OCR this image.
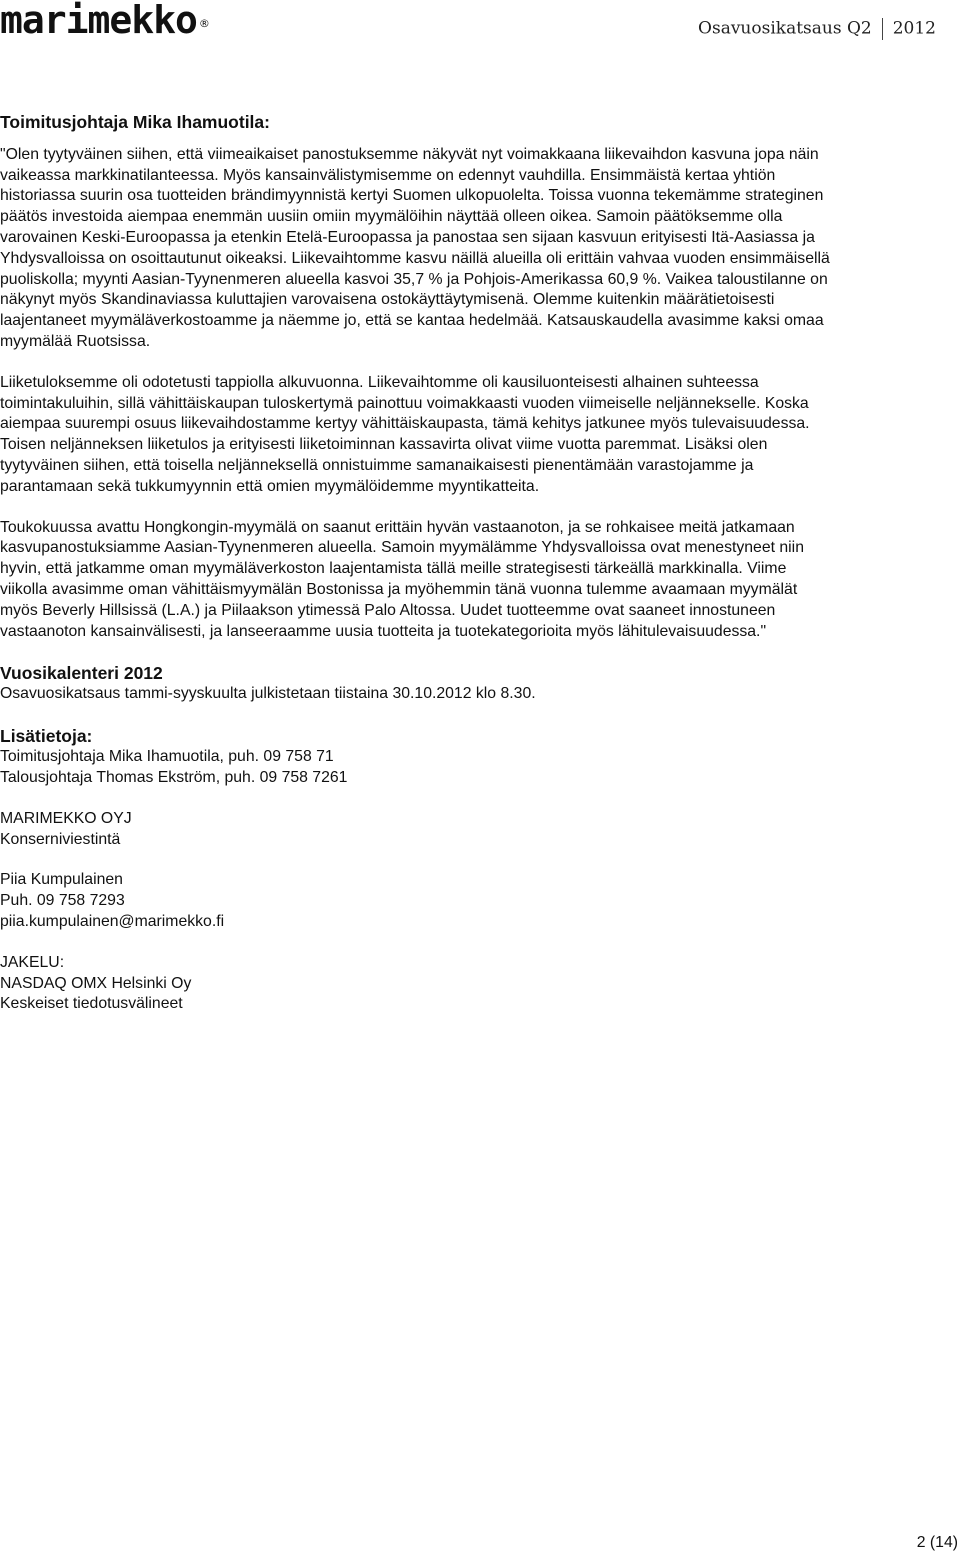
marimekko ®	Osavuosikatsaus Q2 2012

Toimitusjohtaja Mika Ihamuotila:

"Olen tyytyväinen siihen, että viimeaikaiset panostuksemme näkyvät nyt voimakkaana liikevaihdon kasvuna jopa näin

vaikeassa markkinatilanteessa. Myös kansainvälistymisemme on edennyt vauhdilla. Ensimmäistä kertaa yhtiön

historiassa suurin osa tuotteiden brändimyynnistä kertyi Suomen ulkopuolelta. Toissa vuonna tekemämme strateginen

päätös investoida aiempaa enemmän uusiin omiin myymälöihin näyttää olleen oikea. Samoin päätöksemme olla

varovainen Keski-Euroopassa ja etenkin Etelä-Euroopassa ja panostaa sen sijaan kasvuun erityisesti Itä-Aasiassa ja

Yhdysvalloissa on osoittautunut oikeaksi. Liikevaihtomme kasvu näillä alueilla oli erittäin vahvaa vuoden ensimmäisellä

puoliskolla; myynti Aasian-Tyynenmeren alueella kasvoi 35,7 % ja Pohjois-Amerikassa 60,9 %. Vaikea taloustilanne on

näkynyt myös Skandinaviassa kuluttajien varovaisena ostokäyttäytymisenä. Olemme kuitenkin määrätietoisesti

laajentaneet myymäläverkostoamme ja näemme jo, että se kantaa hedelmää. Katsauskaudella avasimme kaksi omaa

myymälää Ruotsissa.

Liiketuloksemme oli odotetusti tappiolla alkuvuonna. Liikevaihtomme oli kausiluonteisesti alhainen suhteessa

toimintakuluihin, sillä vähittäiskaupan tuloskertymä painottuu voimakkaasti vuoden viimeiselle neljännekselle. Koska

aiempaa suurempi osuus liikevaihdostamme kertyy vähittäiskaupasta, tämä kehitys jatkunee myös tulevaisuudessa.

Toisen neljänneksen liiketulos ja erityisesti liiketoiminnan kassavirta olivat viime vuotta paremmat. Lisäksi olen

tyytyväinen siihen, että toisella neljänneksellä onnistuimme samanaikaisesti pienentämään varastojamme ja

parantamaan sekä tukkumyynnin että omien myymälöidemme myyntikatteita.

Toukokuussa avattu Hongkongin-myymälä on saanut erittäin hyvän vastaanoton, ja se rohkaisee meitä jatkamaan

kasvupanostuksiamme Aasian-Tyynenmeren alueella. Samoin myymälämme Yhdysvalloissa ovat menestyneet niin

hyvin, että jatkamme oman myymäläverkoston laajentamista tällä meille strategisesti tärkeällä markkinalla. Viime

viikolla avasimme oman vähittäismyymälän Bostonissa ja myöhemmin tänä vuonna tulemme avaamaan myymälät

myös Beverly Hillsissä (L.A.) ja Piilaakson ytimessä Palo Altossa. Uudet tuotteemme ovat saaneet innostuneen

vastaanoton kansainvälisesti, ja lanseeraamme uusia tuotteita ja tuotekategorioita myös lähitulevaisuudessa."

Vuosikalenteri 2012

Osavuosikatsaus tammi-syyskuulta julkistetaan tiistaina 30.10.2012 klo 8.30.

Lisätietoja:

Toimitusjohtaja Mika Ihamuotila, puh. 09 758 71

Talousjohtaja Thomas Ekström, puh. 09 758 7261

MARIMEKKO OYJ

Konserniviestintä

Piia Kumpulainen

Puh. 09 758 7293

piia.kumpulainen@marimekko.fi

JAKELU:

NASDAQ OMX Helsinki Oy

Keskeiset tiedotusvälineet

2 (14)
